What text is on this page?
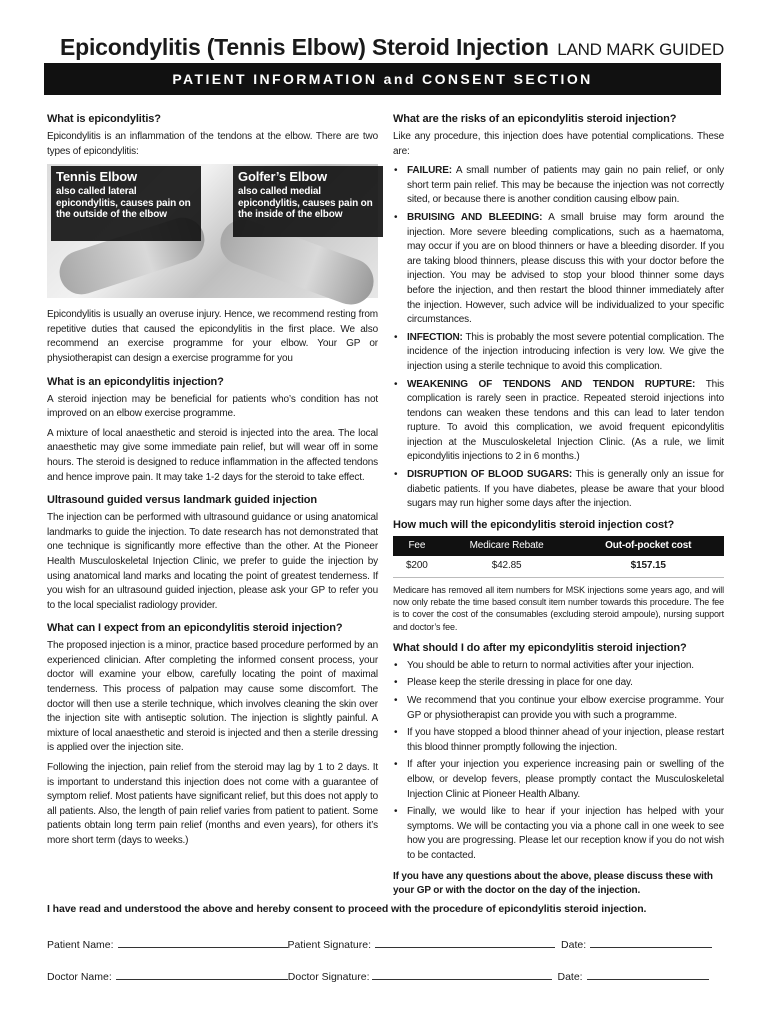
Epicondylitis (Tennis Elbow) Steroid Injection LAND MARK GUIDED
PATIENT INFORMATION and CONSENT SECTION
What is epicondylitis?

Epicondylitis is an inflammation of the tendons at the elbow. There are two types of epicondylitis:

Tennis Elbow
also called lateral epicondylitis, causes pain on the outside of the elbow
Golfer’s Elbow
also called medial epicondylitis, causes pain on the inside of the elbow

Epicondylitis is usually an overuse injury. Hence, we recommend resting from repetitive duties that caused the epicondylitis in the first place. We also recommend an exercise programme for your elbow. Your GP or physiotherapist can design a exercise programme for you

What is an epicondylitis injection?

A steroid injection may be beneficial for patients who’s condition has not improved on an elbow exercise programme.

A mixture of local anaesthetic and steroid is injected into the area. The local anaesthetic may give some immediate pain relief, but will wear off in some hours. The steroid is designed to reduce inflammation in the affected tendons and hence improve pain. It may take 1-2 days for the steroid to take effect.

Ultrasound guided versus landmark guided injection

The injection can be performed with ultrasound guidance or using anatomical landmarks to guide the injection. To date research has not demonstrated that one technique is significantly more effective than the other. At the Pioneer Health Musculoskeletal Injection Clinic, we prefer to guide the injection by using anatomical land marks and locating the point of greatest tenderness. If you wish for an ultrasound guided injection, please ask your GP to refer you to the local specialist radiology provider.

What can I expect from an epicondylitis steroid injection?

The proposed injection is a minor, practice based procedure performed by an experienced clinician. After completing the informed consent process, your doctor will examine your elbow, carefully locating the point of maximal tenderness. This process of palpation may cause some discomfort. The doctor will then use a sterile technique, which involves cleaning the skin over the injection site with antiseptic solution. The injection is slightly painful. A mixture of local anaesthetic and steroid is injected and then a sterile dressing is applied over the injection site.

Following the injection, pain relief from the steroid may lag by 1 to 2 days. It is important to understand this injection does not come with a guarantee of symptom relief. Most patients have significant relief, but this does not apply to all patients. Also, the length of pain relief varies from patient to patient. Some patients obtain long term pain relief (months and even years), for others it’s more short term (days to weeks.)

What are the risks of an epicondylitis steroid injection?

Like any procedure, this injection does have potential complications. These are:

• FAILURE: A small number of patients may gain no pain relief, or only short term pain relief. This may be because the injection was not correctly sited, or because there is another condition causing elbow pain.
• BRUISING AND BLEEDING: A small bruise may form around the injection. More severe bleeding complications, such as a haematoma, may occur if you are on blood thinners or have a bleeding disorder. If you are taking blood thinners, please discuss this with your doctor before the injection. You may be advised to stop your blood thinner some days before the injection, and then restart the blood thinner immediately after the injection. However, such advice will be individualized to your specific circumstances.
• INFECTION: This is probably the most severe potential complication. The incidence of the injection introducing infection is very low. We give the injection using a sterile technique to avoid this complication.
• WEAKENING OF TENDONS AND TENDON RUPTURE: This complication is rarely seen in practice. Repeated steroid injections into tendons can weaken these tendons and this can lead to later tendon rupture. To avoid this complication, we avoid frequent epicondylitis injection at the Musculoskeletal Injection Clinic. (As a rule, we limit epicondylitis injections to 2 in 6 months.)
• DISRUPTION OF BLOOD SUGARS: This is generally only an issue for diabetic patients. If you have diabetes, please be aware that your blood sugars may run higher some days after the injection.
How much will the epicondylitis steroid injection cost?
Fee	Medicare Rebate	Out-of-pocket cost
$200	$42.85	$157.15

Medicare has removed all item numbers for MSK injections some years ago, and will now only rebate the time based consult item number towards this procedure. The fee is to cover the cost of the consumables (excluding steroid ampoule), nursing support and doctor’s fee.

What should I do after my epicondylitis steroid injection?
• You should be able to return to normal activities after your injection.
• Please keep the sterile dressing in place for one day.
• We recommend that you continue your elbow exercise programme. Your GP or physiotherapist can provide you with such a programme.
• If you have stopped a blood thinner ahead of your injection, please restart this blood thinner promptly following the injection.
• If after your injection you experience increasing pain or swelling of the elbow, or develop fevers, please promptly contact the Musculoskeletal Injection Clinic at Pioneer Health Albany.
• Finally, we would like to hear if your injection has helped with your symptoms. We will be contacting you via a phone call in one week to see how you are progressing. Please let our reception know if you do not wish to be contacted.
If you have any questions about the above, please discuss these with your GP or with the doctor on the day of the injection.
I have read and understood the above and hereby consent to proceed with the procedure of epicondylitis steroid injection.
Patient Name:	Patient Signature:	Date:
Doctor Name:	Doctor Signature:	Date:
